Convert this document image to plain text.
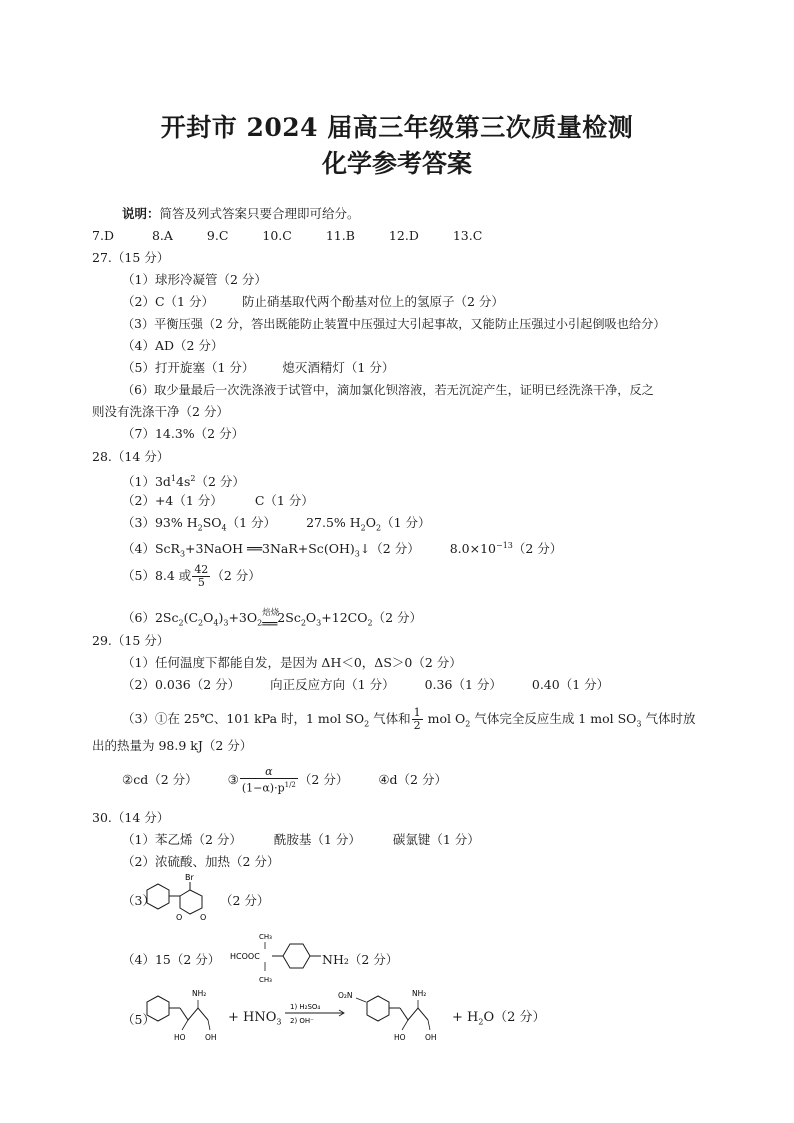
开封市 2024 届高三年级第三次质量检测
化学参考答案
说明：简答及列式答案只要合理即可给分。
7.D	8.A	9.C	10.C	11.B	12.D	13.C
27.（15 分）
（1）球形冷凝管（2 分）
（2）C（1 分） 防止硝基取代两个酚基对位上的氢原子（2 分）
（3）平衡压强（2 分，答出既能防止装置中压强过大引起事故，又能防止压强过小引起倒吸也给分）
（4）AD（2 分）
（5）打开旋塞（1 分） 熄灭酒精灯（1 分）
（6）取少量最后一次洗涤液于试管中，滴加氯化钡溶液，若无沉淀产生，证明已经洗涤干净，反之
则没有洗涤干净（2 分）
（7）14.3%（2 分）
28.（14 分）
$(1)3d^14s^2(2$ 分）
（2）+4（1 分）	C（1 分）
（3）93% $H_2SO_4(1$ 分） 27.5% $H_2O_2(1$ 分）
（4）ScR$_3$+3NaOH $══3NaR+Sc(OH)_3↓(2$ 分） $8.0\times 10^{-13}(2$ 分）
（5）8.4 或 $\frac{42}{5} (2$ 分）
$(6)2Sc_2(C_2O_4)_3+3O_2$
焙烧
$══2Sc_2O_3+12CO_2(2$ 分）
29.（15 分）
（1）任何温度下都能自发，是因为 ΔH＜0，ΔS＞0（2 分）
（2）0.036（2 分） 向正反应方向（1 分） 0.36（1 分） 0.40（1 分）
（3）①在 25℃、101 kPa 时，1 mol $SO_2$ 气体和 $\frac{1}{2}$ mol $O_2$ 气体完全反应生成 1 mol $SO_3$ 气体时放
出的热量为 98.9 kJ（2 分）
②cd（2 分） ③ $\frac{\alpha}{(1-\alpha)\cdot p^{1/2}} (2$ 分） ④d（2 分）
30.（14 分）
（1）苯乙烯（2 分）	酰胺基（1 分）	碳氯键（1 分）
（2）浓硫酸、加热（2 分）
（3）
Br
O O
（2 分）
（4）15（2 分） HCOOC
CH₃
CH₃
NH₂（2 分）
（5）
NH₂
HO	OH
+ $HNO_3$
1) H₂SO₄
2) OH⁻
O₂N	NH₂
HO	OH
+ $H_2O(2$ 分）
